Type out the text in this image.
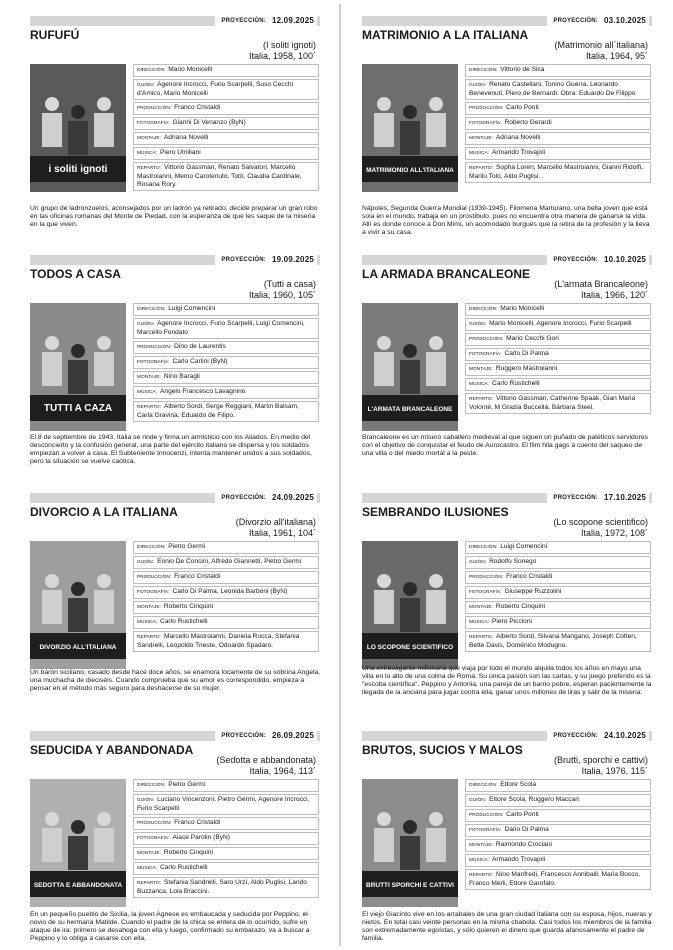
PROYECCIÓN: 12.09.2025
RUFUFÚ
(I soliti ignoti)
Italia, 1958, 100´
i soliti ignoti
DIRECCIÓN: Mario Monicelli
GUIÓN: Agenore Incrocci, Furio Scarpelli, Suso Cecchi d'Amico, Mario Monicelli
PRODUCCIÓN: Franco Cristaldi
FOTOGRAFÍA: Gianni Di Venanzo (ByN)
MONTAJE: Adriana Novelli
MÚSICA: Piero Umiliani
REPARTO: Vittorio Gassman, Renato Salvatori, Marcello Mastroianni, Memo Carotenuto, Totò, Claudia Cardinale, Rosana Rory.
Un grupo de ladronzuelos, aconsejados por un ladrón ya retirado, decide preparar un gran robo en las oficinas romanas del Monte de Piedad, con la esperanza de que les saque de la miseria en la que viven.
PROYECCIÓN: 03.10.2025
MATRIMONIO A LA ITALIANA
(Matrimonio all´italiana)
Italia, 1964, 95´
MATRIMONIO ALL'ITALIANA
DIRECCIÓN: Vittorio de Sica
GUIÓN: Renato Castellani, Tonino Guerra, Leonardo Benevenuti, Piero de Bernardi. Obra: Eduardo De Filippo
PRODUCCIÓN: Carlo Ponti
FOTOGRAFÍA: Roberto Gerardi
MONTAJE: Adriana Novelli
MÚSICA: Armando Trovajoli
REPARTO: Sopha Loren, Marcello Mastroianni, Gianni Ridolfi, Marilù Tolo, Aldo Puglisi.
Nápoles, Segunda Guerra Mundial (1939-1945). Filomena Marturano, una bella joven que está sola en el mundo, trabaja en un prostíbulo, pues no encuentra otra manera de ganarse la vida. Allí es donde conoce a Don Mimí, un acomodado burgués que la retira de la profesión y la lleva a vivir a su casa.
PROYECCIÓN: 19.09.2025
TODOS A CASA
(Tutti a casa)
Italia, 1960, 105´
TUTTI A CAZA
DIRECCIÓN: Luigi Comencini
GUIÓN: Agenore Incrocci, Furio Scarpelli, Luigi Comencini, Marcello Fondato
PRODUCCIÓN: Dino de Laurentis
FOTOGRAFÍA: Carlo Carlini (ByN)
MONTAJE: Nino Baragli
MÚSICA: Angelo Francesco Lavagnino
REPARTO: Alberto Sordi, Serge Reggiani, Martin Balsam, Carla Gravina, Eduardo de Filipo.
El 8 de septiembre de 1943, Italia se rinde y firma un armisticio con los Aliados. En medio del desconcierto y la confusión general, una parte del ejército italiano se dispersa y los soldados empiezan a volver a casa. El Subteniente Innocenzi, intenta mantener unidos a sus soldados, pero la situación se vuelve caótica.
PROYECCIÓN: 10.10.2025
LA ARMADA BRANCALEONE
(L'armata Brancaleone)
Italia, 1966, 120´
L'ARMATA BRANCALEONE
DIRECCIÓN: Mario Monicelli
GUIÓN: Mario Monicelli, Agenore Incrocci, Furio Scarpelli
PRODUCCIÓN: Mario Cecchi Gori
FOTOGRAFÍA: Carlo Di Palma
MONTAJE: Ruggero Mastroianni
MÚSICA: Carlo Rustichelli
REPARTO: Vittorio Gassman, Catherine Spaak, Gian Maria Volonté, M Grazia Buccella, Bárbara Steel.
Brancaleone es un mísero caballero medieval al que siguen un puñado de patéticos servidores con el objetivo de conquistar el feudo de Aurocastro. El film hila gags a cuento del saqueo de una villa o del miedo mortal a la peste.
PROYECCIÓN: 24.09.2025
DIVORCIO A LA ITALIANA
(Divorzio all'italiana)
Italia, 1961, 104´
DIVORZIO ALL'ITALIANA
DIRECCIÓN: Pietro Germi
GUIÓN: Ennio De Concini, Alfredo Giannetti, Pietro Germi
PRODUCCIÓN: Franco Cristaldi
FOTOGRAFÍA: Carlo Di Palma, Leonida Barboni (ByN)
MONTAJE: Roberto Cinquini
MÚSICA: Carlo Rustichelli
REPARTO: Marcello Mastroianni, Daniela Rocca, Stefania Sandrelli, Leopoldo Trieste, Odoardo Spadaro.
Un barón siciliano, casado desde hace doce años, se enamora locamente de su sobrina Angela, una muchacha de dieciséis. Cuando comprueba que su amor es correspondido, empieza a pensar en el método más seguro para deshacerse de su mujer.
PROYECCIÓN: 17.10.2025
SEMBRANDO ILUSIONES
(Lo scopone scientifico)
Italia, 1972, 108´
LO SCOPONE SCIENTIFICO
DIRECCIÓN: Luigi Comencini
GUIÓN: Rodolfo Sonego
PRODUCCIÓN: Franco Cristaldi
FOTOGRAFÍA: Giuseppe Ruzzolini
MONTAJE: Roberto Cinquini
MÚSICA: Piero Piccioni
REPARTO: Alberto Sordi, Silvana Mangano, Joseph Cotten, Bette Davis, Doménico Modugno.
Una extravagante millonaria que viaja por todo el mundo alquila todos los años en mayo una villa en lo alto de una colina de Roma. Su única pasión son las cartas, y su juego preferido es la "escoba científica". Peppino y Antonia, una pareja de un barrio pobre, esperan pacientemente la llegada de la anciana para jugar contra ella, ganar unos millones de liras y salir de la miseria.
PROYECCIÓN: 26.09.2025
SEDUCIDA Y ABANDONADA
(Sedotta e abbandonata)
Italia, 1964, 113´
SEDOTTA E ABBANDONATA
DIRECCIÓN: Pietro Germi
GUIÓN: Luciano Vincenzoni, Pietro Germi, Agenore Incrocci, Furio Scarpelli
PRODUCCIÓN: Franco Cristaldi
FOTOGRAFÍA: Aiace Parolin (ByN)
MONTAJE: Roberto Cinquini
MÚSICA: Carlo Rustichelli
REPARTO: Stefania Sandrelli, Saro Urzí, Aldo Puglisi, Lando Buzzanca, Lola Braccini.
En un pequeño pueblo de Sicilia, la joven Agnese es embaucada y seducida por Peppino, el novio de su hermana Matilde. Cuando el padre de la chica se entera de lo ocurrido, sufre un ataque de ira: primero se desahoga con ella y luego, confirmado su embarazo, va a buscar a Peppino y lo obliga a casarse con ella.
PROYECCIÓN: 24.10.2025
BRUTOS, SUCIOS Y MALOS
(Brutti, sporchi e cattivi)
Italia, 1976, 115´
BRUTTI SPORCHI E CATTIVI
DIRECCIÓN: Ettore Scola
GUIÓN: Ettore Scola, Ruggero Maccari
PRODUCCIÓN: Carlo Ponti
FOTOGRAFÍA: Dario Di Palma
MONTAJE: Raimondo Crociani
MÚSICA: Armando Trovajoli
REPARTO: Nino Manfredi, Francesco Annibalil, Maria Bosco, Franco Merli, Ettore Garofalo.
El viejo Giacinto vive en los arrabales de una gran ciudad italiana con su esposa, hijos, nueras y nietos. En total casi veinte personas en la misma chabola. Casi todos los miembros de la familia son extremadamente egoístas, y sólo quieren el dinero que guarda afanosamente el padre de familia.
